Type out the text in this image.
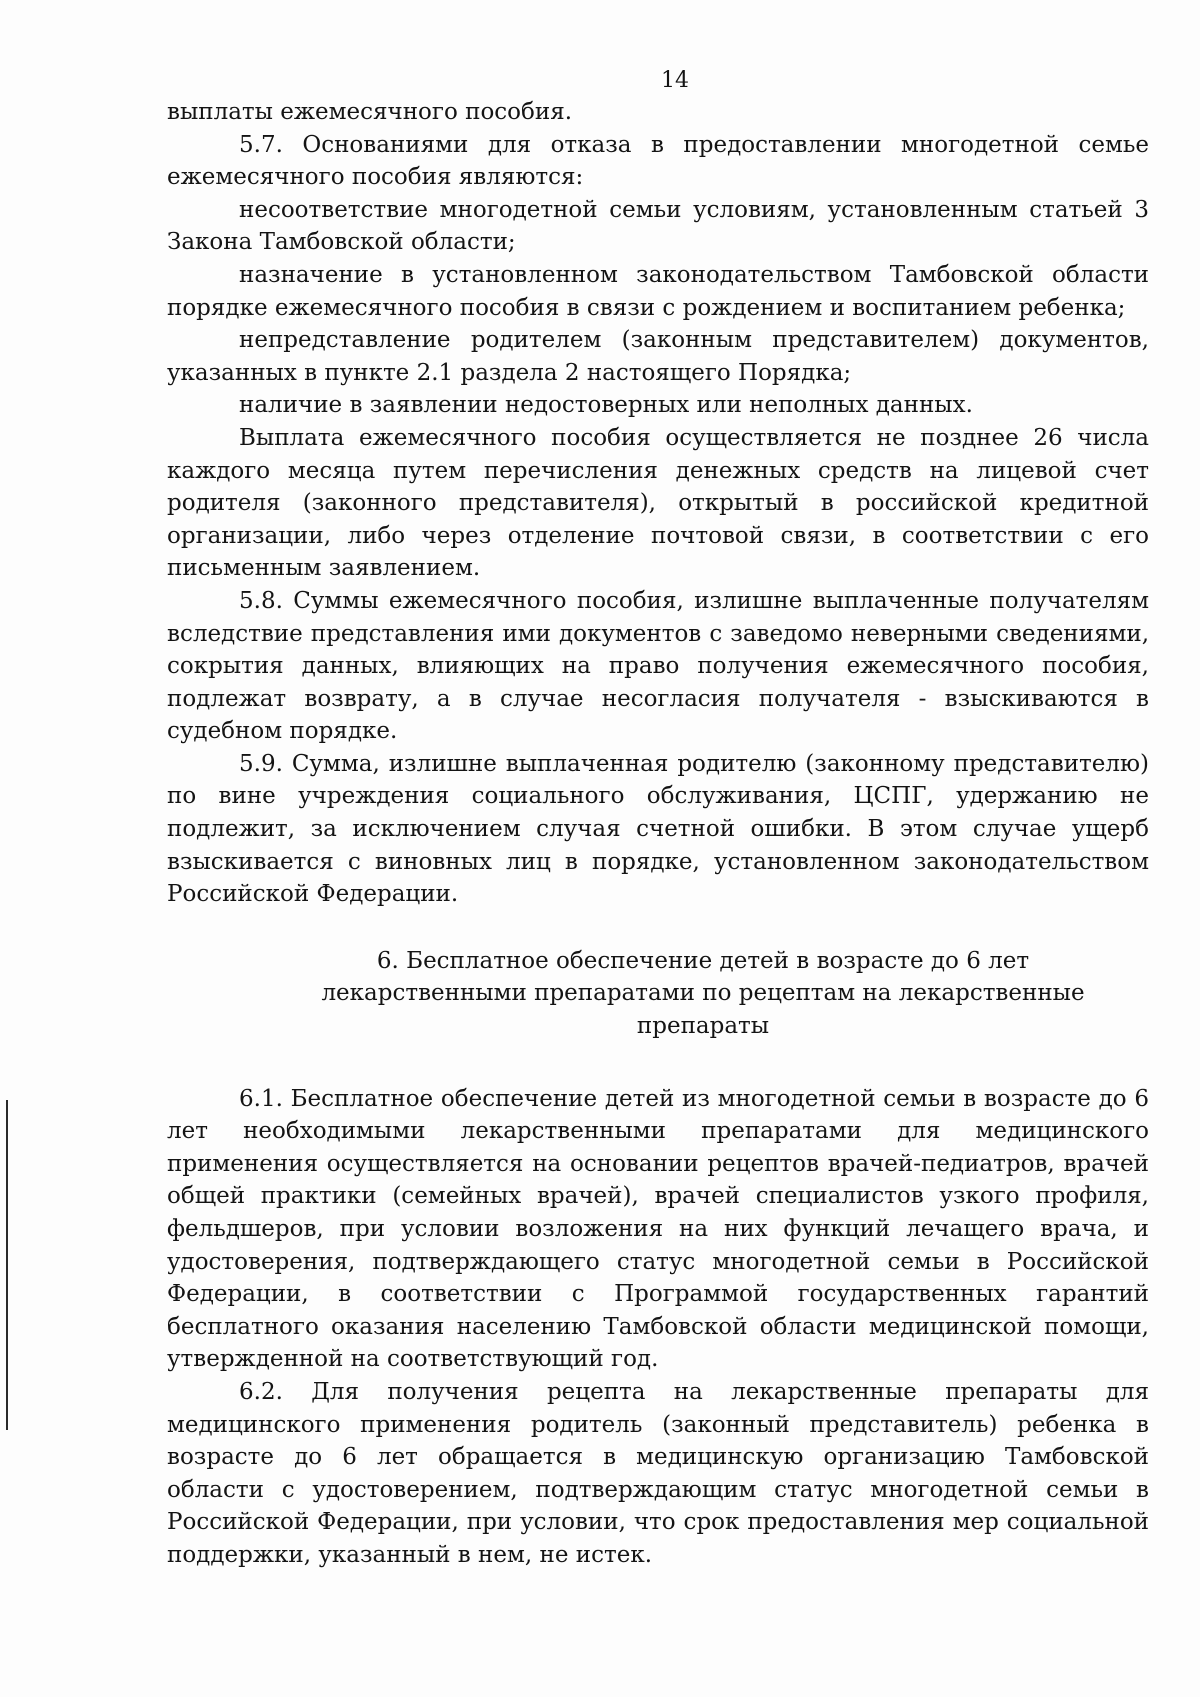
14

выплаты ежемесячного пособия.

5.7. Основаниями для отказа в предоставлении многодетной семье ежемесячного пособия являются:

несоответствие многодетной семьи условиям, установленным статьей 3 Закона Тамбовской области;

назначение в установленном законодательством Тамбовской области порядке ежемесячного пособия в связи с рождением и воспитанием ребенка;

непредставление родителем (законным представителем) документов, указанных в пункте 2.1 раздела 2 настоящего Порядка;

наличие в заявлении недостоверных или неполных данных.

Выплата ежемесячного пособия осуществляется не позднее 26 числа каждого месяца путем перечисления денежных средств на лицевой счет родителя (законного представителя), открытый в российской кредитной организации, либо через отделение почтовой связи, в соответствии с его письменным заявлением.

5.8. Суммы ежемесячного пособия, излишне выплаченные получателям вследствие представления ими документов с заведомо неверными сведениями, сокрытия данных, влияющих на право получения ежемесячного пособия, подлежат возврату, а в случае несогласия получателя - взыскиваются в судебном порядке.

5.9. Сумма, излишне выплаченная родителю (законному представителю) по вине учреждения социального обслуживания, ЦСПГ, удержанию не подлежит, за исключением случая счетной ошибки. В этом случае ущерб взыскивается с виновных лиц в порядке, установленном законодательством Российской Федерации.

6. Бесплатное обеспечение детей в возрасте до 6 лет лекарственными препаратами по рецептам на лекарственные препараты

6.1. Бесплатное обеспечение детей из многодетной семьи в возрасте до 6 лет необходимыми лекарственными препаратами для медицинского применения осуществляется на основании рецептов врачей-педиатров, врачей общей практики (семейных врачей), врачей специалистов узкого профиля, фельдшеров, при условии возложения на них функций лечащего врача, и удостоверения, подтверждающего статус многодетной семьи в Российской Федерации, в соответствии с Программой государственных гарантий бесплатного оказания населению Тамбовской области медицинской помощи, утвержденной на соответствующий год.

6.2. Для получения рецепта на лекарственные препараты для медицинского применения родитель (законный представитель) ребенка в возрасте до 6 лет обращается в медицинскую организацию Тамбовской области с удостоверением, подтверждающим статус многодетной семьи в Российской Федерации, при условии, что срок предоставления мер социальной поддержки, указанный в нем, не истек.
